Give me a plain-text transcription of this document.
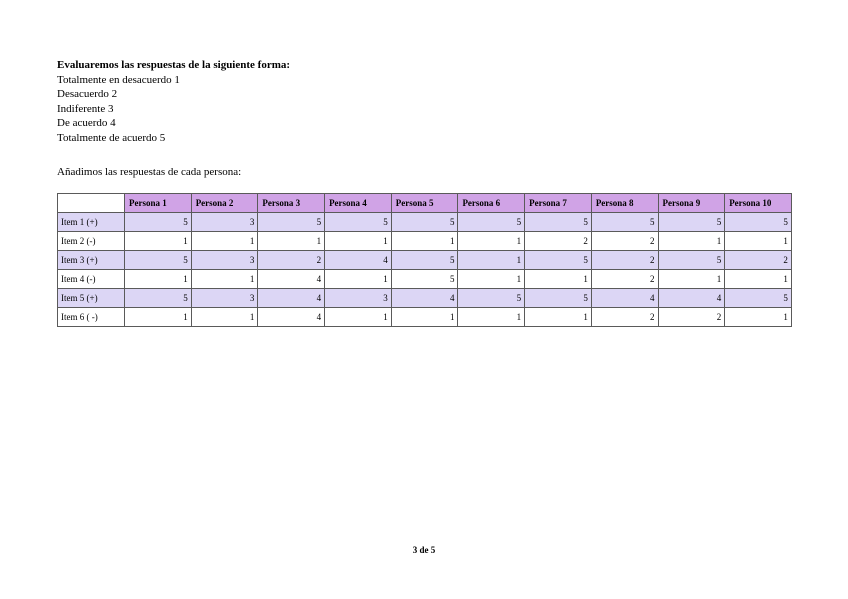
Evaluaremos las respuestas de la siguiente forma:
Totalmente en desacuerdo 1
Desacuerdo 2
Indiferente 3
De acuerdo 4
Totalmente de acuerdo 5
Añadimos las respuestas de cada persona:
	Persona 1	Persona 2	Persona 3	Persona 4	Persona 5	Persona 6	Persona 7	Persona 8	Persona 9	Persona 10
Item 1 (+)	5	3	5	5	5	5	5	5	5	5
Item 2 (-)	1	1	1	1	1	1	2	2	1	1
Item 3 (+)	5	3	2	4	5	1	5	2	5	2
Item 4 (-)	1	1	4	1	5	1	1	2	1	1
Item 5 (+)	5	3	4	3	4	5	5	4	4	5
Item 6 ( -)	1	1	4	1	1	1	1	2	2	1
3 de 5
